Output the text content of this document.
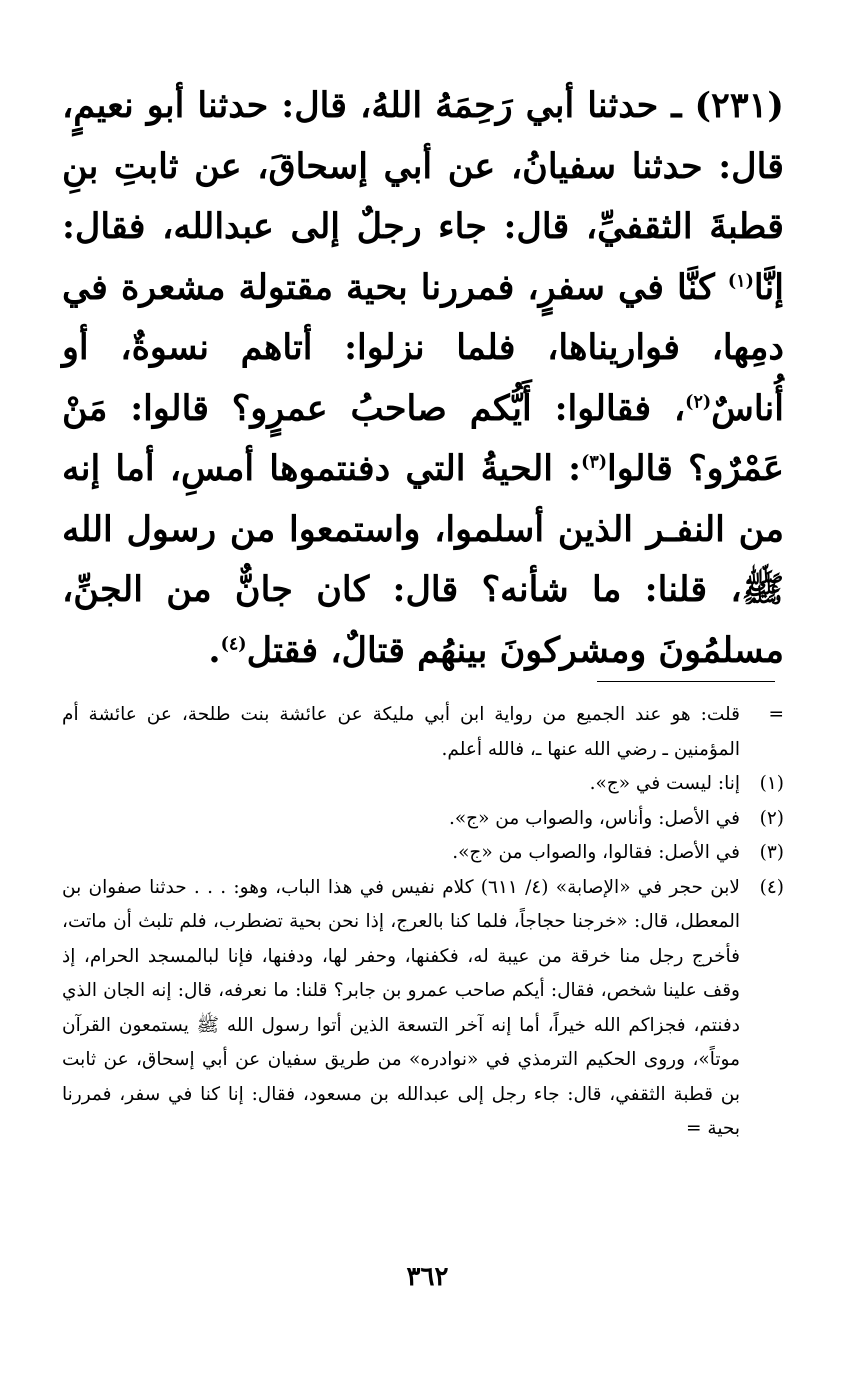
(٢٣١) ـ حدثنا أبي رَحِمَهُ اللهُ، قال: حدثنا أبو نعيمٍ، قال: حدثنا سفيانُ، عن أبي إسحاقَ، عن ثابتِ بنِ قطبةَ الثقفيِّ، قال: جاء رجلٌ إلى عبدالله، فقال: إنَّا$^{(١)}$ كنَّا في سفرٍ، فمررنا بحية مقتولة مشعرة في دمِها، فواريناها، فلما نزلوا: أتاهم نسوةٌ، أو أُناسٌ$^{(٢)}$، فقالوا: أَيُّكم صاحبُ عمرٍو؟ قالوا: مَنْ عَمْرٌو؟ قالوا$^{(٣)}$: الحيةُ التي دفنتموها أمسِ، أما إنه من النفـر الذين أسلموا، واستمعوا من رسول الله ﷺ، قلنا: ما شأنه؟ قال: كان جانٌّ من الجنِّ، مسلمُونَ ومشركونَ بينهُم قتالٌ، فقتل$^{(٤)}$.
=
قلت: هو عند الجميع من رواية ابن أبي مليكة عن عائشة بنت طلحة، عن عائشة أم المؤمنين ـ رضي الله عنها ـ، فالله أعلم.
(١)
إنا: ليست في «ج».
(٢)
في الأصل: وأناس، والصواب من «ج».
(٣)
في الأصل: فقالوا، والصواب من «ج».
(٤)
لابن حجر في «الإصابة» (٤/ ٦١١) كلام نفيس في هذا الباب، وهو: . . . حدثنا صفوان بن المعطل، قال: «خرجنا حجاجاً، فلما كنا بالعرج، إذا نحن بحية تضطرب، فلم تلبث أن ماتت، فأخرج رجل منا خرقة من عيبة له، فكفنها، وحفر لها، ودفنها، فإنا لبالمسجد الحرام، إذ وقف علينا شخص، فقال: أيكم صاحب عمرو بن جابر؟ قلنا: ما نعرفه، قال: إنه الجان الذي دفنتم، فجزاكم الله خيراً، أما إنه آخر التسعة الذين أتوا رسول الله ﷺ يستمعون القرآن موتاً»، وروى الحكيم الترمذي في «نوادره» من طريق سفيان عن أبي إسحاق، عن ثابت بن قطبة الثقفي، قال: جاء رجل إلى عبدالله بن مسعود، فقال: إنا كنا في سفر، فمررنا بحية =
٣٦٢
